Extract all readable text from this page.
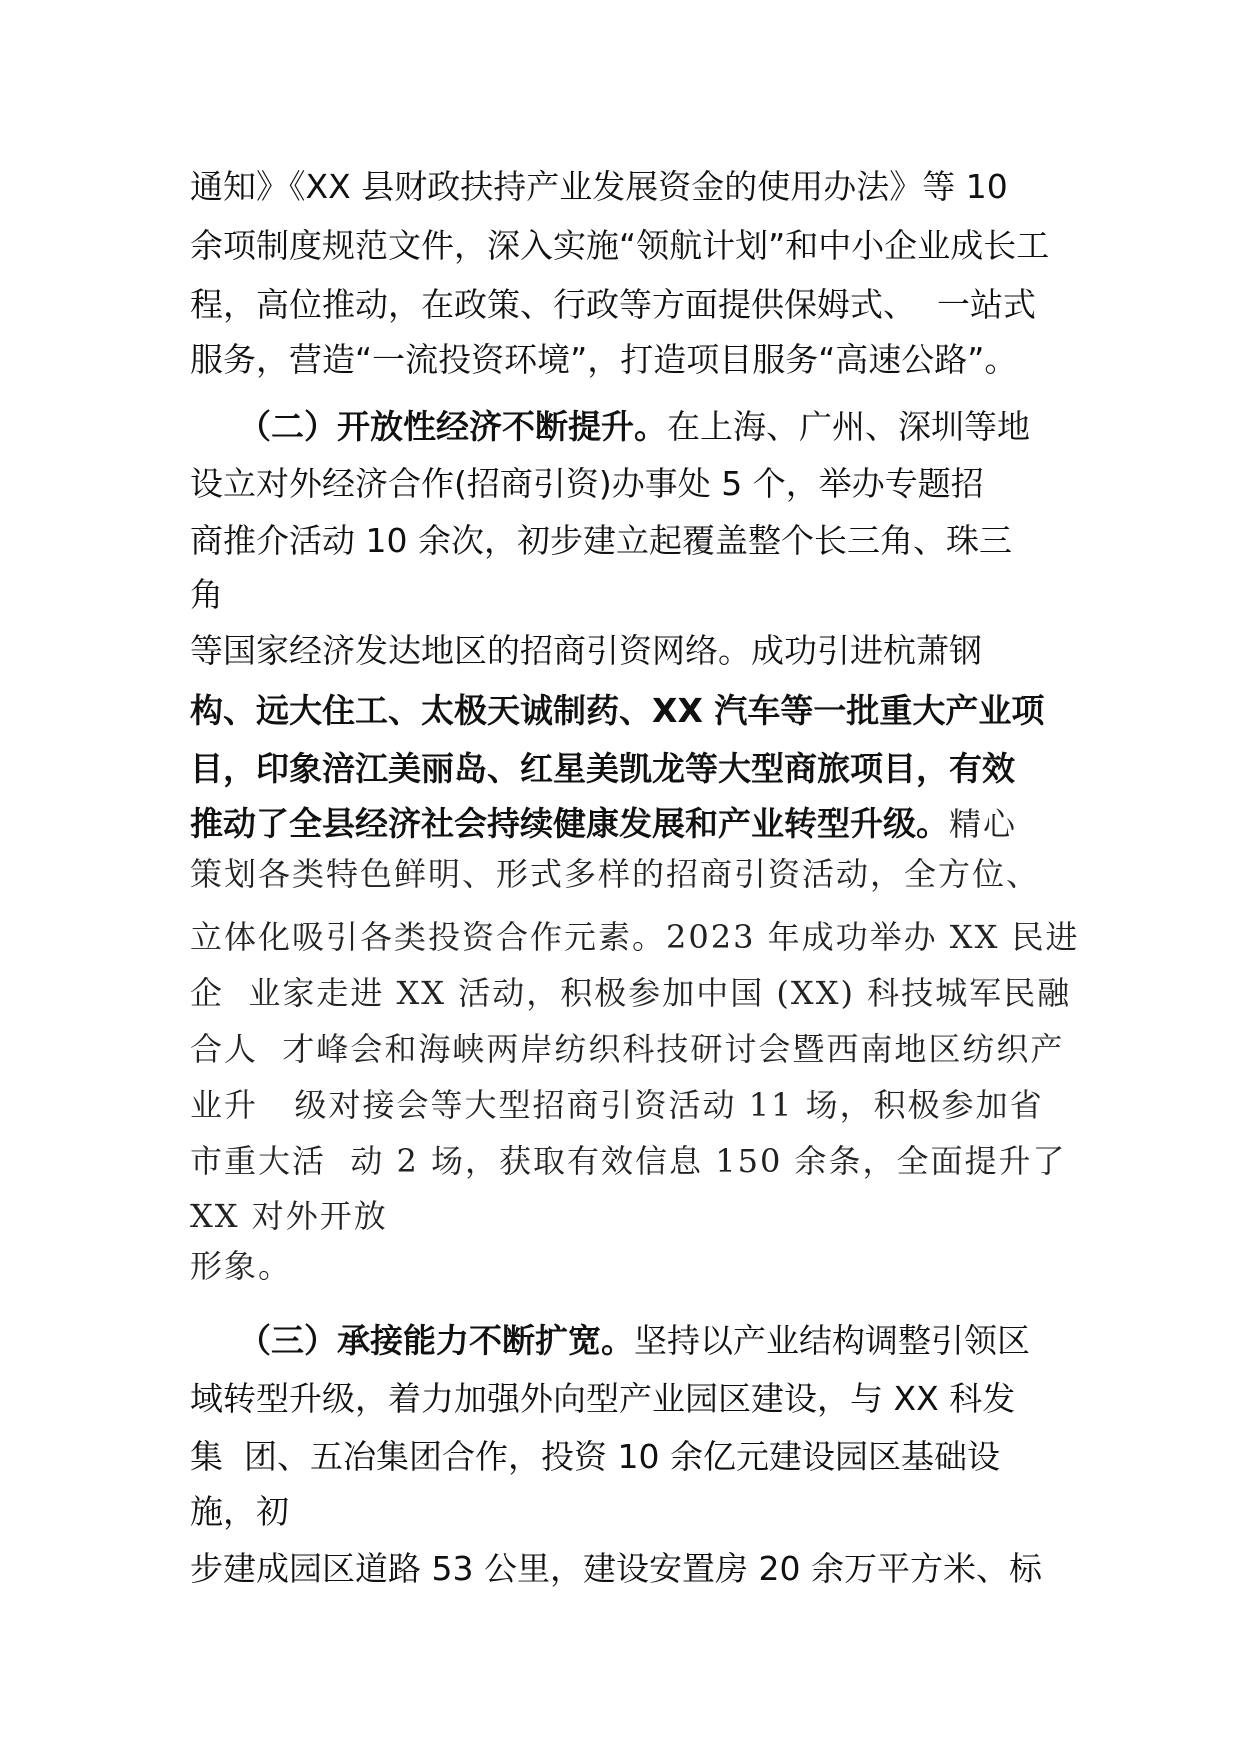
通知》《XX 县财政扶持产业发展资金的使用办法》等 10
余项制度规范文件，深入实施“领航计划”和中小企业成长工
程，高位推动，在政策、行政等方面提供保姆式、  一站式
服务，营造“一流投资环境”，打造项目服务“高速公路”。
（二）开放性经济不断提升。在上海、广州、深圳等地
设立对外经济合作(招商引资)办事处 5 个，举办专题招
商推介活动 10 余次，初步建立起覆盖整个长三角、珠三
角
等国家经济发达地区的招商引资网络。成功引进杭萧钢
构、远大住工、太极天诚制药、XX 汽车等一批重大产业项
目，印象涪江美丽岛、红星美凯龙等大型商旅项目，有效
推动了全县经济社会持续健康发展和产业转型升级。精心
策划各类特色鲜明、形式多样的招商引资活动，全方位、
立体化吸引各类投资合作元素。2023 年成功举办 XX 民进
企  业家走进 XX 活动，积极参加中国 (XX) 科技城军民融
合人  才峰会和海峡两岸纺织科技研讨会暨西南地区纺织产
业升   级对接会等大型招商引资活动 11 场，积极参加省
市重大活  动 2 场，获取有效信息 150 余条，全面提升了
XX 对外开放
形象。
（三）承接能力不断扩宽。坚持以产业结构调整引领区
域转型升级，着力加强外向型产业园区建设，与 XX 科发
集  团、五冶集团合作，投资 10 余亿元建设园区基础设
施，初
步建成园区道路 53 公里，建设安置房 20 余万平方米、标
